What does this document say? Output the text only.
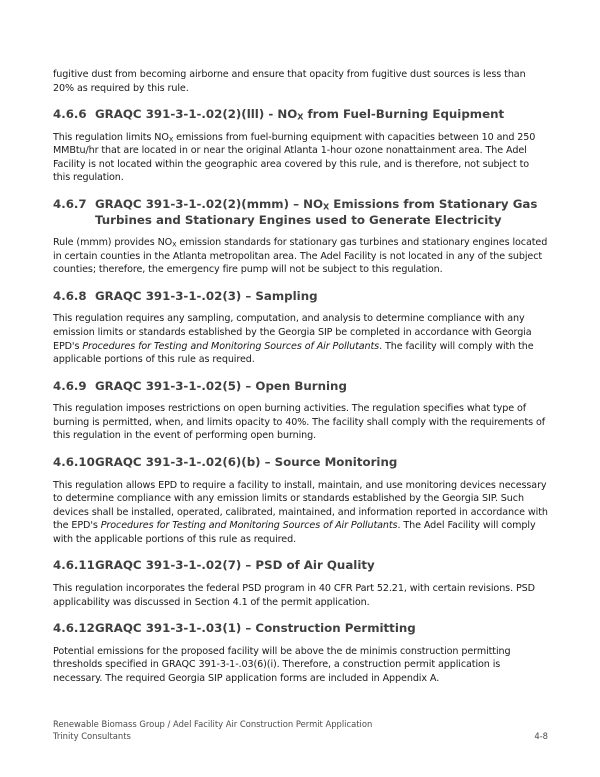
fugitive dust from becoming airborne and ensure that opacity from fugitive dust sources is less than 20% as required by this rule.

4.6.6 GRAQC $391-3-1-.02(2)(lll) - NO_X$ from Fuel-Burning Equipment

This regulation limits $NO_X$ emissions from fuel-burning equipment with capacities between 10 and 250 MMBtu/hr that are located in or near the original Atlanta 1-hour ozone nonattainment area. The Adel Facility is not located within the geographic area covered by this rule, and is therefore, not subject to this regulation.

4.6.7 GRAQC $391-3-1-.02(2)(mmm) - NO_X$ Emissions from Stationary Gas Turbines and Stationary Engines used to Generate Electricity

Rule (mmm) provides $NO_X$ emission standards for stationary gas turbines and stationary engines located in certain counties in the Atlanta metropolitan area. The Adel Facility is not located in any of the subject counties; therefore, the emergency fire pump will not be subject to this regulation.

4.6.8 GRAQC 391-3-1-.02(3) – Sampling

This regulation requires any sampling, computation, and analysis to determine compliance with any emission limits or standards established by the Georgia SIP be completed in accordance with Georgia EPD's Procedures for Testing and Monitoring Sources of Air Pollutants. The facility will comply with the applicable portions of this rule as required.

4.6.9 GRAQC 391-3-1-.02(5) – Open Burning

This regulation imposes restrictions on open burning activities. The regulation specifies what type of burning is permitted, when, and limits opacity to 40%. The facility shall comply with the requirements of this regulation in the event of performing open burning.

4.6.10 GRAQC 391-3-1-.02(6)(b) – Source Monitoring

This regulation allows EPD to require a facility to install, maintain, and use monitoring devices necessary to determine compliance with any emission limits or standards established by the Georgia SIP. Such devices shall be installed, operated, calibrated, maintained, and information reported in accordance with the EPD's Procedures for Testing and Monitoring Sources of Air Pollutants. The Adel Facility will comply with the applicable portions of this rule as required.

4.6.11 GRAQC 391-3-1-.02(7) – PSD of Air Quality

This regulation incorporates the federal PSD program in 40 CFR Part 52.21, with certain revisions. PSD applicability was discussed in Section 4.1 of the permit application.

4.6.12 GRAQC 391-3-1-.03(1) – Construction Permitting

Potential emissions for the proposed facility will be above the de minimis construction permitting thresholds specified in GRAQC 391-3-1-.03(6)(i). Therefore, a construction permit application is necessary. The required Georgia SIP application forms are included in Appendix A.

Renewable Biomass Group / Adel Facility Air Construction Permit Application
Trinity Consultants	4-8
